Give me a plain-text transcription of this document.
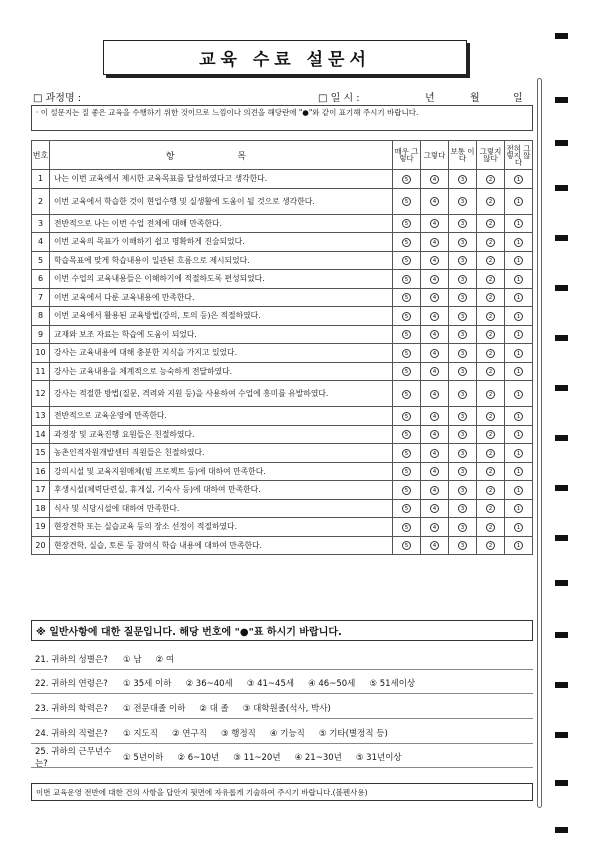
교육 수료 설문서
□ 과정명 :	□ 일 시 :	년	월	일
· 이 설문지는 질 좋은 교육을 수행하기 위한 것이므로 느낌이나 의견을 해당란에 "●"와 같이 표기해 주시기 바랍니다.
번호	항 목	매우 그렇다	그렇다	보통 이다	그렇지 않다	전혀 그렇지 않다
1	나는 이번 교육에서 제시한 교육목표를 달성하였다고 생각한다.	5	4	3	2	1
2	이번 교육에서 학습한 것이 현업수행 및 실생활에 도움이 될 것으로 생각한다.	5	4	3	2	1
3	전반적으로 나는 이번 수업 전체에 대해 만족한다.	5	4	3	2	1
4	이번 교육의 목표가 이해하기 쉽고 명확하게 진술되었다.	5	4	3	2	1
5	학습목표에 맞게 학습내용이 일관된 흐름으로 제시되었다.	5	4	3	2	1
6	이번 수업의 교육내용들은 이해하기에 적절하도록 편성되었다.	5	4	3	2	1
7	이번 교육에서 다룬 교육내용에 만족한다.	5	4	3	2	1
8	이번 교육에서 활용된 교육방법(강의, 토의 등)은 적절하였다.	5	4	3	2	1
9	교재와 보조 자료는 학습에 도움이 되었다.	5	4	3	2	1
10	강사는 교육내용에 대해 충분한 지식을 가지고 있었다.	5	4	3	2	1
11	강사는 교육내용을 체계적으로 능숙하게 전달하였다.	5	4	3	2	1
12	강사는 적절한 방법(질문, 격려와 지원 등)을 사용하여 수업에 흥미를 유발하였다.	5	4	3	2	1
13	전반적으로 교육운영에 만족한다.	5	4	3	2	1
14	과정장 및 교육진행 요원들은 친절하였다.	5	4	3	2	1
15	농촌인적자원개발센터 직원들은 친절하였다.	5	4	3	2	1
16	강의시설 및 교육지원매체(빔 프로젝트 등)에 대하여 만족한다.	5	4	3	2	1
17	후생시설(체력단련실, 휴게실, 기숙사 등)에 대하여 만족한다.	5	4	3	2	1
18	식사 및 식당시설에 대하여 만족한다.	5	4	3	2	1
19	현장견학 또는 실습교육 등의 장소 선정이 적절하였다.	5	4	3	2	1
20	현장견학, 실습, 토론 등 참여식 학습 내용에 대하여 만족한다.	5	4	3	2	1
※ 일반사항에 대한 질문입니다. 해당 번호에 "●"표 하시기 바랍니다.
21. 귀하의 성별은?	① 남 ② 여
22. 귀하의 연령은?	① 35세 이하 ② 36~40세 ③ 41~45세 ④ 46~50세 ⑤ 51세이상
23. 귀하의 학력은?	① 전문대졸 이하 ② 대 졸 ③ 대학원졸(석사, 박사)
24. 귀하의 직렬은?	① 지도직 ② 연구직 ③ 행정직 ④ 기능직 ⑤ 기타(별정직 등)
25. 귀하의 근무년수는?
① 5년이하 ② 6~10년 ③ 11~20년 ④ 21~30년 ⑤ 31년이상
이번 교육운영 전반에 대한 건의 사항을 답안지 뒷면에 자유롭게 기술하여 주시기 바랍니다.(볼펜사용)
